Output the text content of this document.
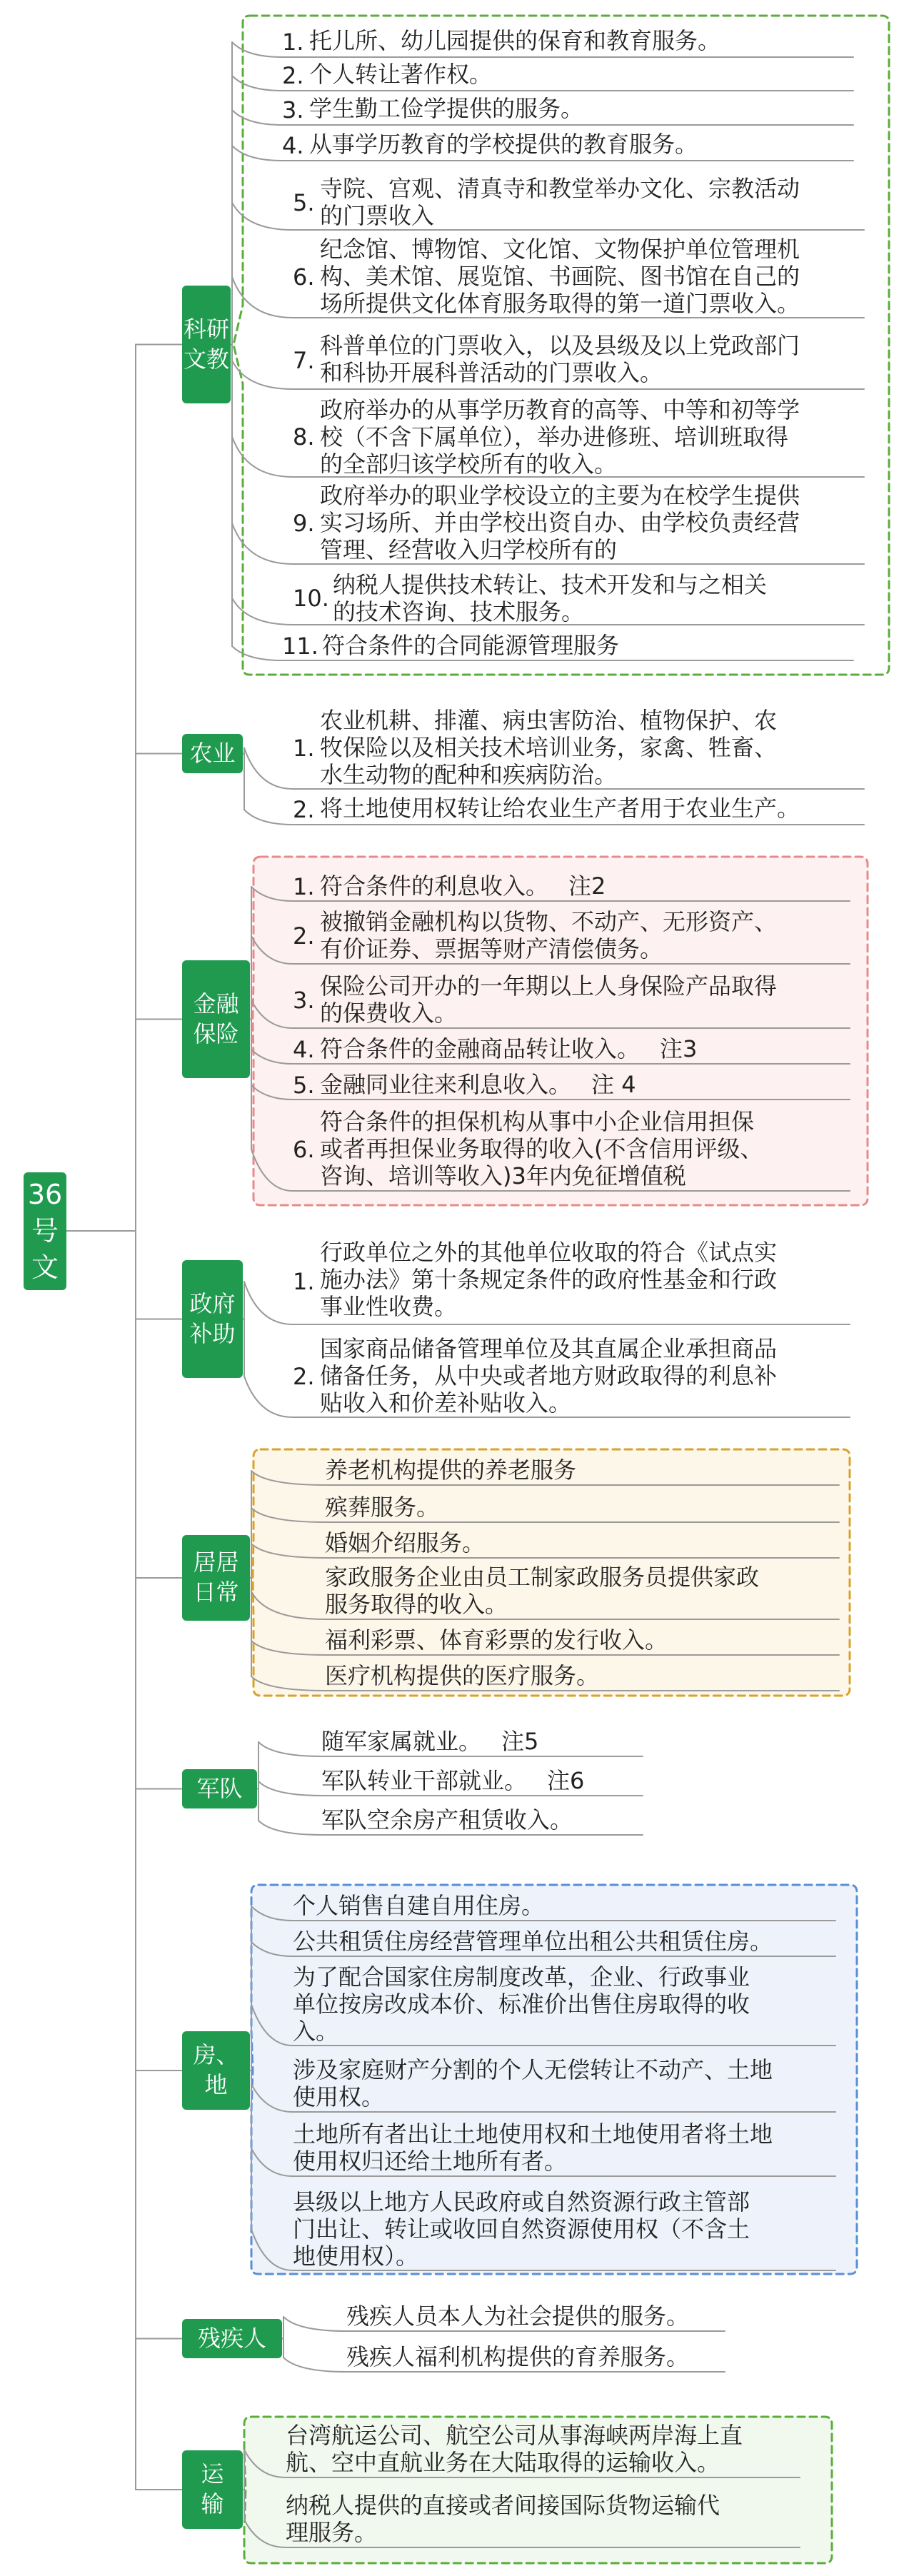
36
号
文
科研
文教
1. 托儿所、幼儿园提供的保育和教育服务。
2. 个人转让著作权。
3. 学生勤工俭学提供的服务。
4. 从事学历教育的学校提供的教育服务。
5.
寺院、宫观、清真寺和教堂举办文化、宗教活动
的门票收入
6.
纪念馆、博物馆、文化馆、文物保护单位管理机
构、美术馆、展览馆、书画院、图书馆在自己的
场所提供文化体育服务取得的第一道门票收入。
7.
科普单位的门票收入，以及县级及以上党政部门
和科协开展科普活动的门票收入。
8.
政府举办的从事学历教育的高等、中等和初等学
校（不含下属单位），举办进修班、培训班取得
的全部归该学校所有的收入。
9.
政府举办的职业学校设立的主要为在校学生提供
实习场所、并由学校出资自办、由学校负责经营
管理、经营收入归学校所有的
10. 纳税人提供技术转让、技术开发和与之相关
的技术咨询、技术服务。
11. 符合条件的合同能源管理服务
农业	1.
农业机耕、排灌、病虫害防治、植物保护、农
牧保险以及相关技术培训业务，家禽、牲畜、
水生动物的配种和疾病防治。
2. 将土地使用权转让给农业生产者用于农业生产。
金融
保险
1. 符合条件的利息收入。 注2
2.
被撤销金融机构以货物、不动产、无形资产、
有价证券、票据等财产清偿债务。
3.
保险公司开办的一年期以上人身保险产品取得
的保费收入。
4. 符合条件的金融商品转让收入。 注3
5. 金融同业往来利息收入。 注 4
6.
符合条件的担保机构从事中小企业信用担保
或者再担保业务取得的收入(不含信用评级、
咨询、培训等收入)3年内免征增值税
政府
补助
1.
行政单位之外的其他单位收取的符合《试点实
施办法》第十条规定条件的政府性基金和行政
事业性收费。
2.
国家商品储备管理单位及其直属企业承担商品
储备任务，从中央或者地方财政取得的利息补
贴收入和价差补贴收入。
居居
日常
养老机构提供的养老服务
殡葬服务。
婚姻介绍服务。
家政服务企业由员工制家政服务员提供家政
服务取得的收入。
福利彩票、体育彩票的发行收入。
医疗机构提供的医疗服务。
军队
随军家属就业。 注5
军队转业干部就业。 注6
军队空余房产租赁收入。
房、
地
个人销售自建自用住房。
公共租赁住房经营管理单位出租公共租赁住房。
为了配合国家住房制度改革，企业、行政事业
单位按房改成本价、标准价出售住房取得的收
入。
涉及家庭财产分割的个人无偿转让不动产、土地
使用权。
土地所有者出让土地使用权和土地使用者将土地
使用权归还给土地所有者。
县级以上地方人民政府或自然资源行政主管部
门出让、转让或收回自然资源使用权（不含土
地使用权）。
残疾人
残疾人员本人为社会提供的服务。
残疾人福利机构提供的育养服务。
运
输
台湾航运公司、航空公司从事海峡两岸海上直
航、空中直航业务在大陆取得的运输收入。
纳税人提供的直接或者间接国际货物运输代
理服务。
